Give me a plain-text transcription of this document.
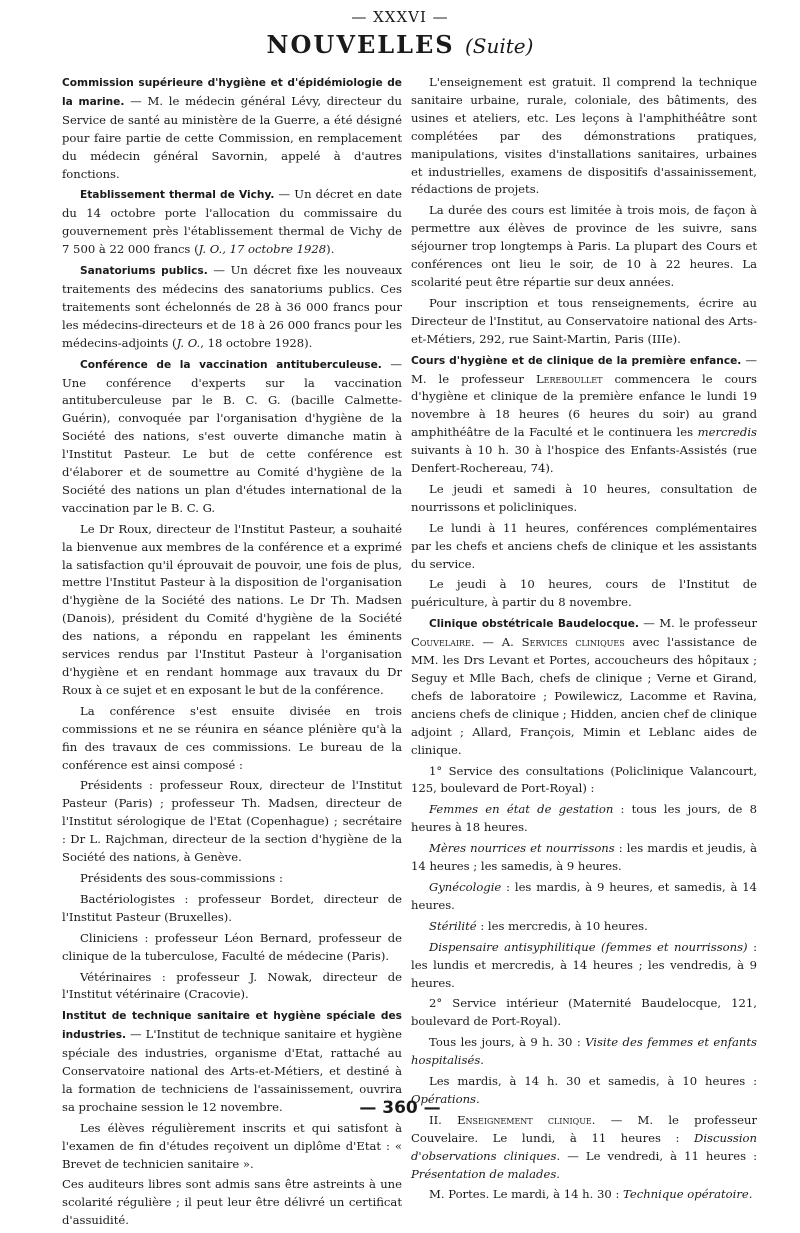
— XXXVI —
NOUVELLES (Suite)

Commission supérieure d'hygiène et d'épidémiologie de la marine. — M. le médecin général Lévy, directeur du Service de santé au ministère de la Guerre, a été désigné pour faire partie de cette Commission, en remplacement du médecin général Savornin, appelé à d'autres fonctions.

Etablissement thermal de Vichy. — Un décret en date du 14 octobre porte l'allocation du commissaire du gouvernement près l'établissement thermal de Vichy de 7 500 à 22 000 francs (J. O., 17 octobre 1928).

Sanatoriums publics. — Un décret fixe les nouveaux traitements des médecins des sanatoriums publics. Ces traitements sont échelonnés de 28 à 36 000 francs pour les médecins-directeurs et de 18 à 26 000 francs pour les médecins-adjoints (J. O., 18 octobre 1928).

Conférence de la vaccination antituberculeuse. — Une conférence d'experts sur la vaccination antituberculeuse par le B. C. G. (bacille Calmette-Guérin), convoquée par l'organisation d'hygiène de la Société des nations, s'est ouverte dimanche matin à l'Institut Pasteur. Le but de cette conférence est d'élaborer et de soumettre au Comité d'hygiène de la Société des nations un plan d'études international de la vaccination par le B. C. G.

Le Dr Roux, directeur de l'Institut Pasteur, a souhaité la bienvenue aux membres de la conférence et a exprimé la satisfaction qu'il éprouvait de pouvoir, une fois de plus, mettre l'Institut Pasteur à la disposition de l'organisation d'hygiène de la Société des nations. Le Dr Th. Madsen (Danois), président du Comité d'hygiène de la Société des nations, a répondu en rappelant les éminents services rendus par l'Institut Pasteur à l'organisation d'hygiène et en rendant hommage aux travaux du Dr Roux à ce sujet et en exposant le but de la conférence.

La conférence s'est ensuite divisée en trois commissions et ne se réunira en séance plénière qu'à la fin des travaux de ces commissions. Le bureau de la conférence est ainsi composé :

Présidents : professeur Roux, directeur de l'Institut Pasteur (Paris) ; professeur Th. Madsen, directeur de l'Institut sérologique de l'Etat (Copenhague) ; secrétaire : Dr L. Rajchman, directeur de la section d'hygiène de la Société des nations, à Genève.

Présidents des sous-commissions :

Bactériologistes : professeur Bordet, directeur de l'Institut Pasteur (Bruxelles).

Cliniciens : professeur Léon Bernard, professeur de clinique de la tuberculose, Faculté de médecine (Paris).

Vétérinaires : professeur J. Nowak, directeur de l'Institut vétérinaire (Cracovie).

Institut de technique sanitaire et hygiène spéciale des industries. — L'Institut de technique sanitaire et hygiène spéciale des industries, organisme d'Etat, rattaché au Conservatoire national des Arts-et-Métiers, et destiné à la formation de techniciens de l'assainissement, ouvrira sa prochaine session le 12 novembre.

Les élèves régulièrement inscrits et qui satisfont à l'examen de fin d'études reçoivent un diplôme d'Etat : « Brevet de technicien sanitaire ».

Ces auditeurs libres sont admis sans être astreints à une scolarité régulière ; il peut leur être délivré un certificat d'assuidité.

L'enseignement est gratuit. Il comprend la technique sanitaire urbaine, rurale, coloniale, des bâtiments, des usines et ateliers, etc. Les leçons à l'amphithéâtre sont complétées par des démonstrations pratiques, manipulations, visites d'installations sanitaires, urbaines et industrielles, examens de dispositifs d'assainissement, rédactions de projets.

La durée des cours est limitée à trois mois, de façon à permettre aux élèves de province de les suivre, sans séjourner trop longtemps à Paris. La plupart des Cours et conférences ont lieu le soir, de 10 à 22 heures. La scolarité peut être répartie sur deux années.

Pour inscription et tous renseignements, écrire au Directeur de l'Institut, au Conservatoire national des Arts-et-Métiers, 292, rue Saint-Martin, Paris (IIIe).

Cours d'hygiène et de clinique de la première enfance. — M. le professeur Lereboullet commencera le cours d'hygiène et clinique de la première enfance le lundi 19 novembre à 18 heures (6 heures du soir) au grand amphithéâtre de la Faculté et le continuera les mercredis suivants à 10 h. 30 à l'hospice des Enfants-Assistés (rue Denfert-Rochereau, 74).

Le jeudi et samedi à 10 heures, consultation de nourrissons et policliniques.

Le lundi à 11 heures, conférences complémentaires par les chefs et anciens chefs de clinique et les assistants du service.

Le jeudi à 10 heures, cours de l'Institut de puériculture, à partir du 8 novembre.

Clinique obstétricale Baudelocque. — M. le professeur Couvelaire. — A. Services cliniques avec l'assistance de MM. les Drs Levant et Portes, accoucheurs des hôpitaux ; Seguy et Mlle Bach, chefs de clinique ; Verne et Girand, chefs de laboratoire ; Powilewicz, Lacomme et Ravina, anciens chefs de clinique ; Hidden, ancien chef de clinique adjoint ; Allard, François, Mimin et Leblanc aides de clinique.

1° Service des consultations (Policlinique Valancourt, 125, boulevard de Port-Royal) :

Femmes en état de gestation : tous les jours, de 8 heures à 18 heures.

Mères nourrices et nourrissons : les mardis et jeudis, à 14 heures ; les samedis, à 9 heures.

Gynécologie : les mardis, à 9 heures, et samedis, à 14 heures.

Stérilité : les mercredis, à 10 heures.

Dispensaire antisyphilitique (femmes et nourrissons) : les lundis et mercredis, à 14 heures ; les vendredis, à 9 heures.

2° Service intérieur (Maternité Baudelocque, 121, boulevard de Port-Royal).

Tous les jours, à 9 h. 30 : Visite des femmes et enfants hospitalisés.

Les mardis, à 14 h. 30 et samedis, à 10 heures : Opérations.

II. Enseignement clinique. — M. le professeur Couvelaire. Le lundi, à 11 heures : Discussion d'observations cliniques. — Le vendredi, à 11 heures : Présentation de malades.

M. Portes. Le mardi, à 14 h. 30 : Technique opératoire.

— 360 —
